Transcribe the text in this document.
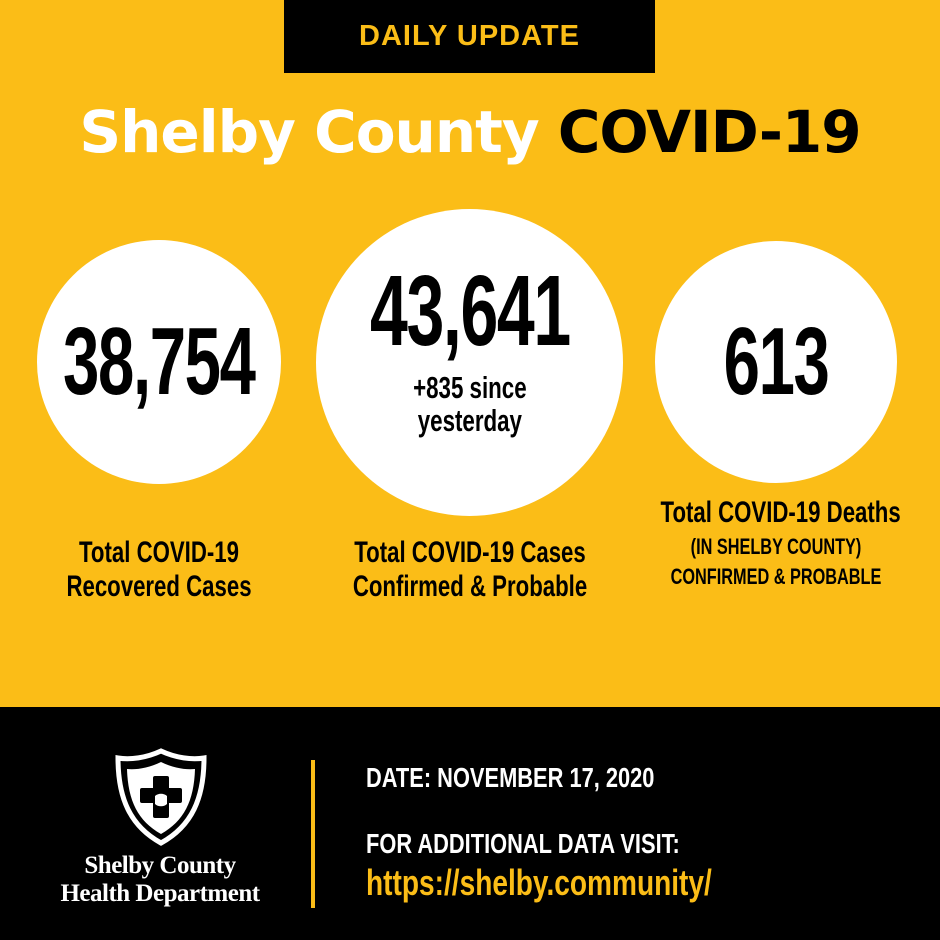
DAILY UPDATE
Shelby County COVID-19
38,754 43,641
+835 since
yesterday
613
Total COVID-19
Recovered Cases
Total COVID-19 Cases
Confirmed & Probable
Total COVID-19 Deaths
(IN SHELBY COUNTY)
CONFIRMED & PROBABLE
Shelby County
Health Department
DATE: NOVEMBER 17, 2020
FOR ADDITIONAL DATA VISIT:
https://shelby.community/
